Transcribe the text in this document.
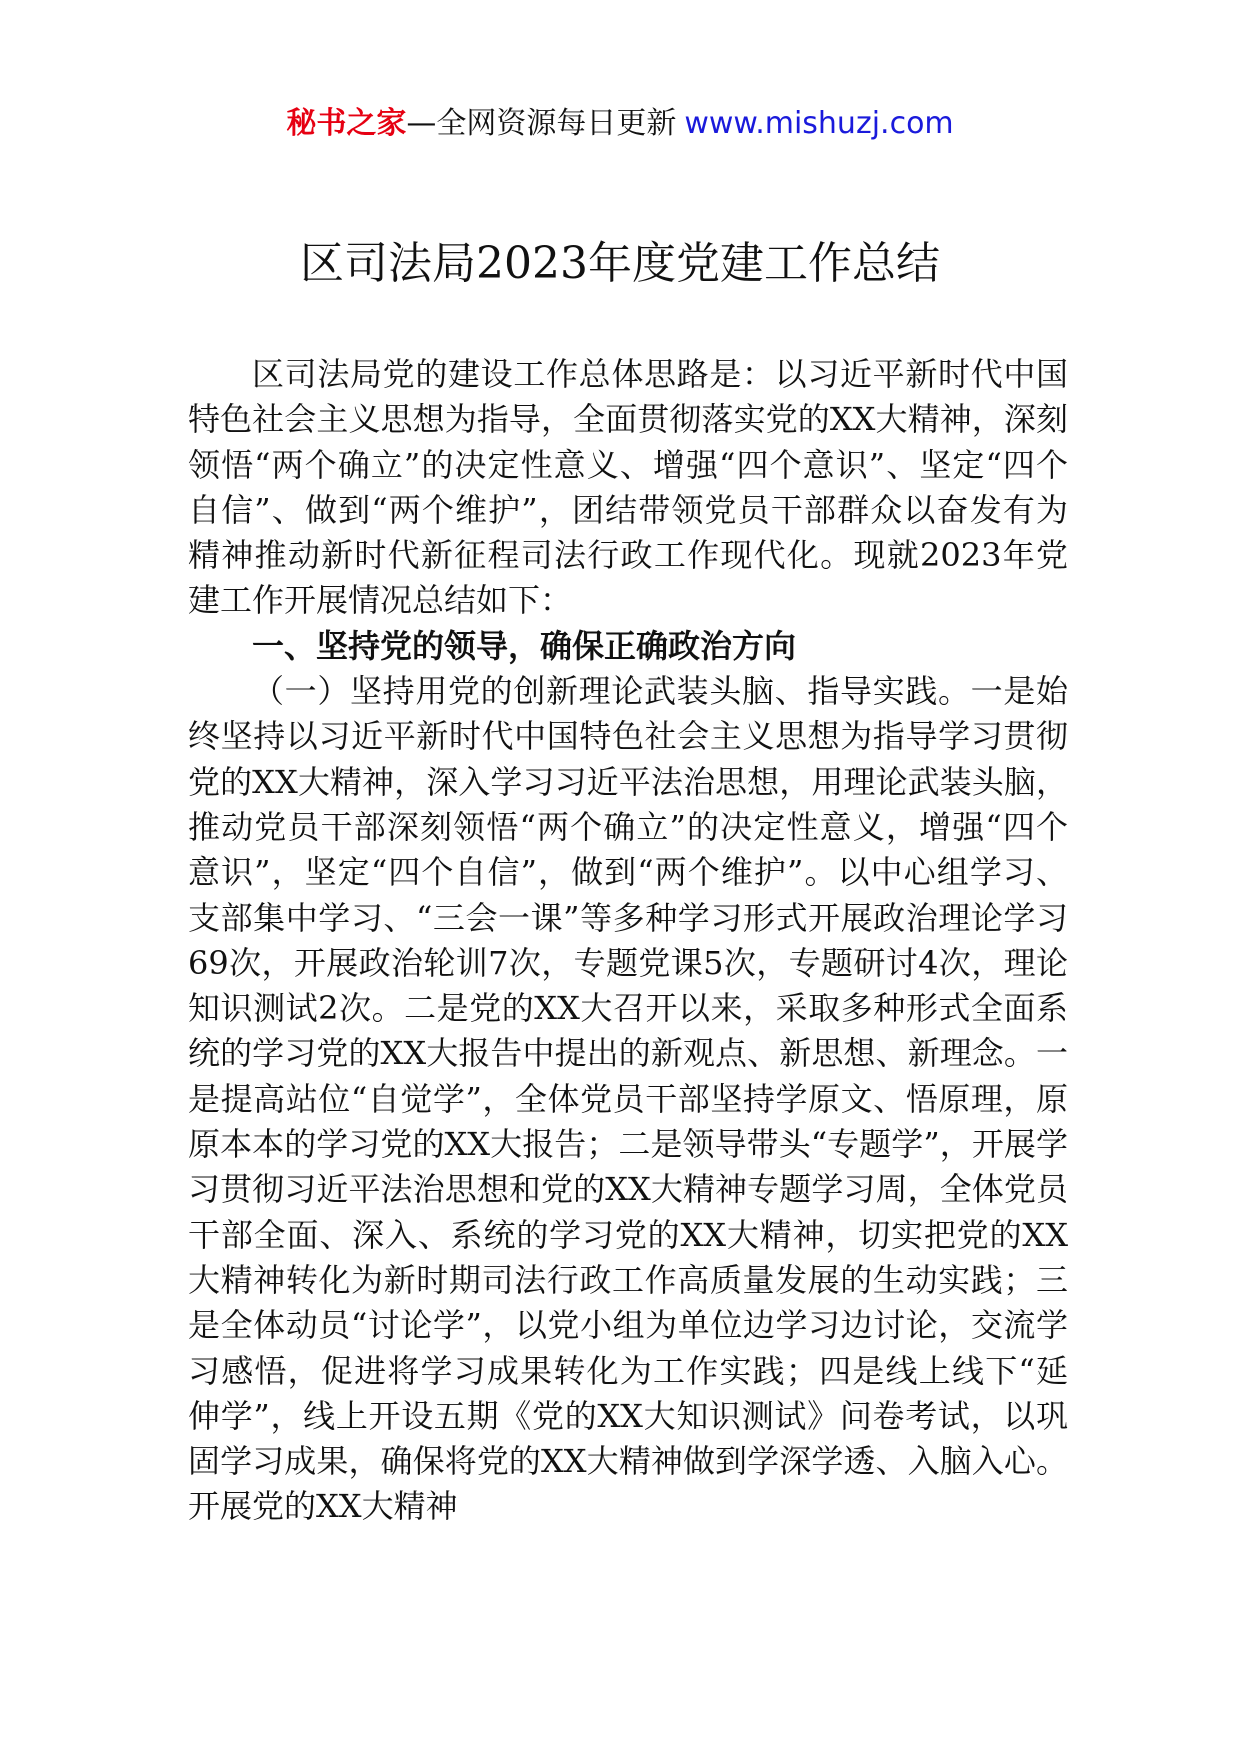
秘书之家—全网资源每日更新 www.mishuzj.com
区司法局2023年度党建工作总结

区司法局党的建设工作总体思路是：以习近平新时代中国特色社会主义思想为指导，全面贯彻落实党的XX大精神，深刻领悟“两个确立”的决定性意义、增强“四个意识”、坚定“四个自信”、做到“两个维护”，团结带领党员干部群众以奋发有为精神推动新时代新征程司法行政工作现代化。现就2023年党建工作开展情况总结如下：

一、坚持党的领导，确保正确政治方向

（一）坚持用党的创新理论武装头脑、指导实践。一是始终坚持以习近平新时代中国特色社会主义思想为指导学习贯彻党的XX大精神，深入学习习近平法治思想，用理论武装头脑，推动党员干部深刻领悟“两个确立”的决定性意义，增强“四个意识”，坚定“四个自信”，做到“两个维护”。以中心组学习、支部集中学习、“三会一课”等多种学习形式开展政治理论学习69次，开展政治轮训7次，专题党课5次，专题研讨4次，理论知识测试2次。二是党的XX大召开以来，采取多种形式全面系统的学习党的XX大报告中提出的新观点、新思想、新理念。一是提高站位“自觉学”，全体党员干部坚持学原文、悟原理，原原本本的学习党的XX大报告；二是领导带头“专题学”，开展学习贯彻习近平法治思想和党的XX大精神专题学习周，全体党员干部全面、深入、系统的学习党的XX大精神，切实把党的XX大精神转化为新时期司法行政工作高质量发展的生动实践；三是全体动员“讨论学”，以党小组为单位边学习边讨论，交流学习感悟，促进将学习成果转化为工作实践；四是线上线下“延伸学”，线上开设五期《党的XX大知识测试》问卷考试，以巩固学习成果，确保将党的XX大精神做到学深学透、入脑入心。开展党的XX大精神
